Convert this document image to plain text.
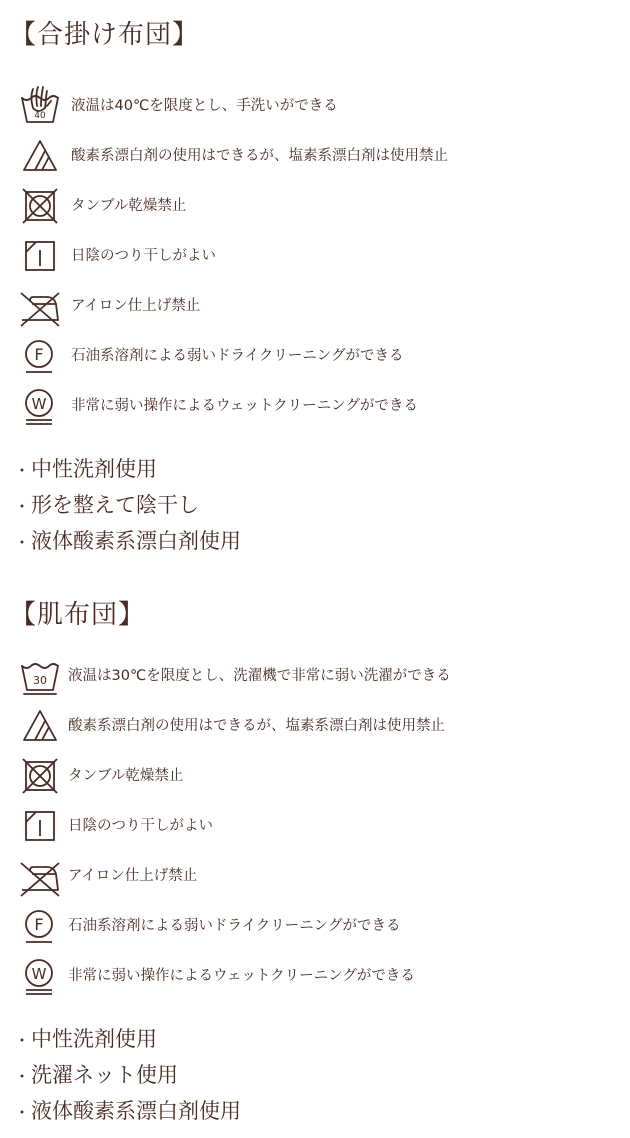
【合掛け布団】
40
液温は40℃を限度とし、手洗いができる
酸素系漂白剤の使用はできるが、塩素系漂白剤は使用禁止
タンブル乾燥禁止
日陰のつり干しがよい
アイロン仕上げ禁止
F 石油系溶剤による弱いドライクリーニングができる
W 非常に弱い操作によるウェットクリーニングができる
・中性洗剤使用
・形を整えて陰干し
・液体酸素系漂白剤使用
【肌布団】
30 液温は30℃を限度とし、洗濯機で非常に弱い洗濯ができる
酸素系漂白剤の使用はできるが、塩素系漂白剤は使用禁止
タンブル乾燥禁止
日陰のつり干しがよい
アイロン仕上げ禁止
F 石油系溶剤による弱いドライクリーニングができる
W 非常に弱い操作によるウェットクリーニングができる
・中性洗剤使用
・洗濯ネット使用
・液体酸素系漂白剤使用
